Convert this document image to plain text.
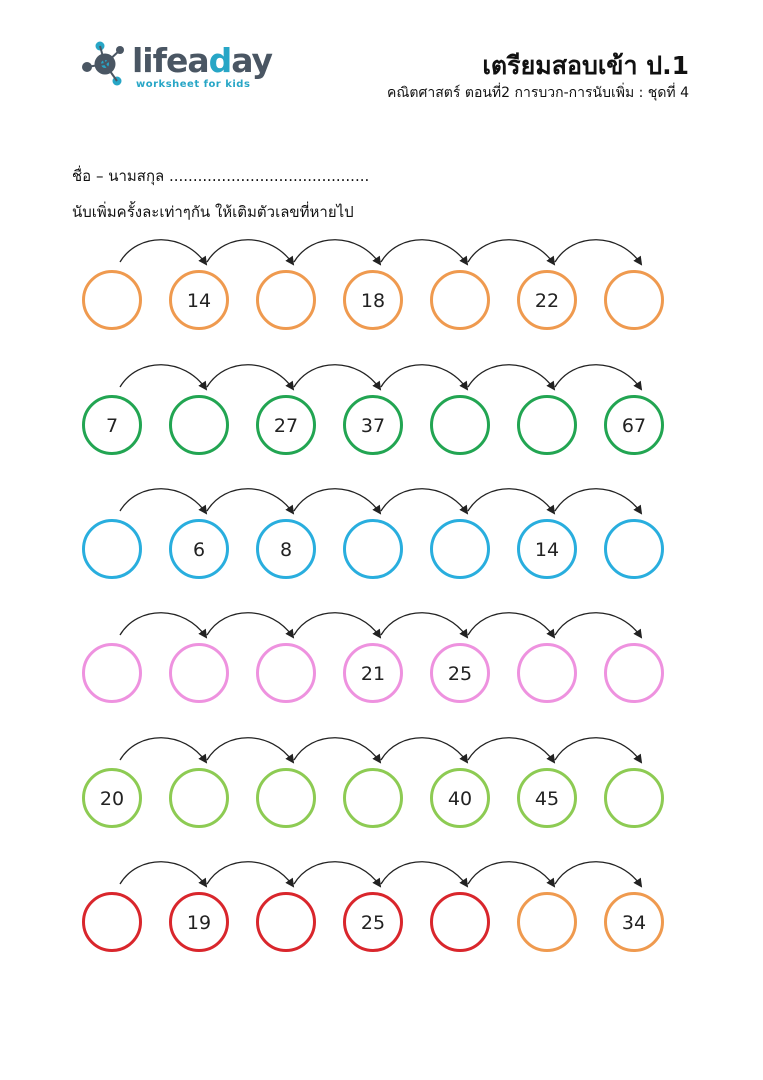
lifeaday
worksheet for kids
เตรียมสอบเข้า ป.1
คณิตศาสตร์ ตอนที่2 การบวก-การนับเพิ่ม : ชุดที่ 4
ชื่อ – นามสกุล ..........................................
นับเพิ่มครั้งละเท่าๆกัน ให้เติมตัวเลขที่หายไป
14	18	22
7	27	37	67
6	8	14
21	25
20	40	45
19	25	34
